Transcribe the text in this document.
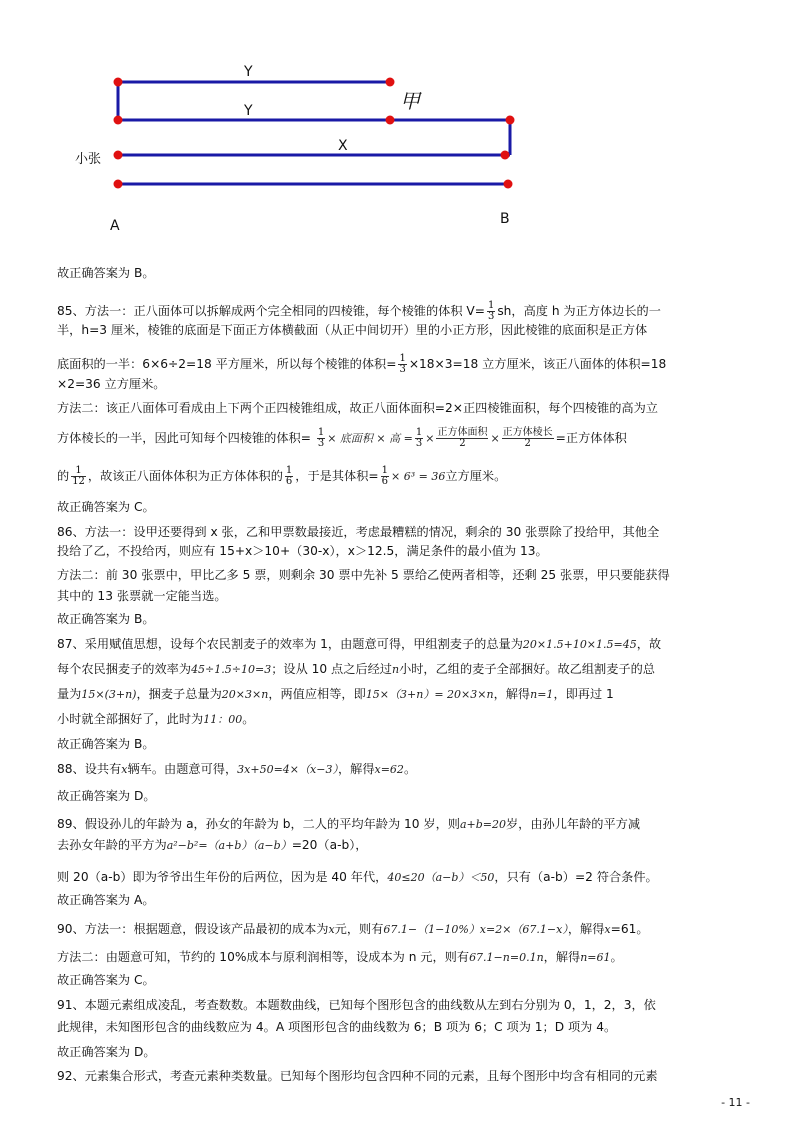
Y
Y	甲
X
小张
A	B
故正确答案为 B。
85、方法一：正八面体可以拆解成两个完全相同的四棱锥，每个棱锥的体积 $V= \frac{1}{3}$ sh，高度 h 为正方体边长的一
半，h=3 厘米，棱锥的底面是下面正方体横截面（从正中间切开）里的小正方形，因此棱锥的底面积是正方体
底面积的一半：6×6÷2=18 平方厘米，所以每个棱锥的体积= $\frac{1}{3} \times 18\times 3=18$ 立方厘米，该正八面体的体积=18
×2=36 立方厘米。
方法二：该正八面体可看成由上下两个正四棱锥组成，故正八面体面积=2×正四棱锥面积，每个四棱锥的高为立
方体棱长的一半，因此可知每个四棱锥的体积= $\frac{1}{3}$ × 底面积 × 高 = $\frac{1}{3} \times \frac{\text{正方体面积}}{2} \times \frac{\text{正方体棱长}}{2}$ =正方体体积
的 $\frac{1}{12}$ ，故该正八面体体积为正方体体积的 $\frac{1}{6}$ ，于是其体积= $\frac{1}{6} \times 6^3 = 36$立方厘米。
故正确答案为 C。
86、方法一：设甲还要得到 x 张，乙和甲票数最接近，考虑最糟糕的情况，剩余的 30 张票除了投给甲，其他全
投给了乙，不投给丙，则应有 15+x＞10+（30-x），x＞12.5，满足条件的最小值为 13。
方法二：前 30 张票中，甲比乙多 5 票，则剩余 30 票中先补 5 票给乙使两者相等，还剩 25 张票，甲只要能获得
其中的 13 张票就一定能当选。
故正确答案为 B。
87、采用赋值思想，设每个农民割麦子的效率为 1，由题意可得，甲组割麦子的总量为20×1.5+10×1.5=45，故
每个农民捆麦子的效率为45÷1.5÷10=3；设从 10 点之后经过n小时，乙组的麦子全部捆好。故乙组割麦子的总
量为15×(3+n)，捆麦子总量为20×3×n，两值应相等，即15×（3+n）= 20×3×n，解得n=1，即再过 1
小时就全部捆好了，此时为11：00。
故正确答案为 B。
88、设共有x辆车。由题意可得，3x+50=4×（x−3），解得x=62。
故正确答案为 D。
89、假设孙儿的年龄为 a，孙女的年龄为 b，二人的平均年龄为 10 岁，则a+b=20岁，由孙儿年龄的平方减
去孙女年龄的平方为a²−b²=（a+b）（a−b）=20（a-b），
则 20（a-b）即为爷爷出生年份的后两位，因为是 40 年代，40≤20（a−b）＜50，只有（a-b）=2 符合条件。
故正确答案为 A。
90、方法一：根据题意，假设该产品最初的成本为x元，则有67.1−（1−10%）x=2×（67.1−x），解得x=61。
方法二：由题意可知，节约的 10%成本与原利润相等，设成本为 n 元，则有67.1−n=0.1n，解得n=61。
故正确答案为 C。
91、本题元素组成凌乱，考查数数。本题数曲线，已知每个图形包含的曲线数从左到右分别为 0，1，2，3，依
此规律，未知图形包含的曲线数应为 4。A 项图形包含的曲线数为 6；B 项为 6；C 项为 1；D 项为 4。
故正确答案为 D。
92、元素集合形式，考查元素种类数量。已知每个图形均包含四种不同的元素，且每个图形中均含有相同的元素
- 11 -
